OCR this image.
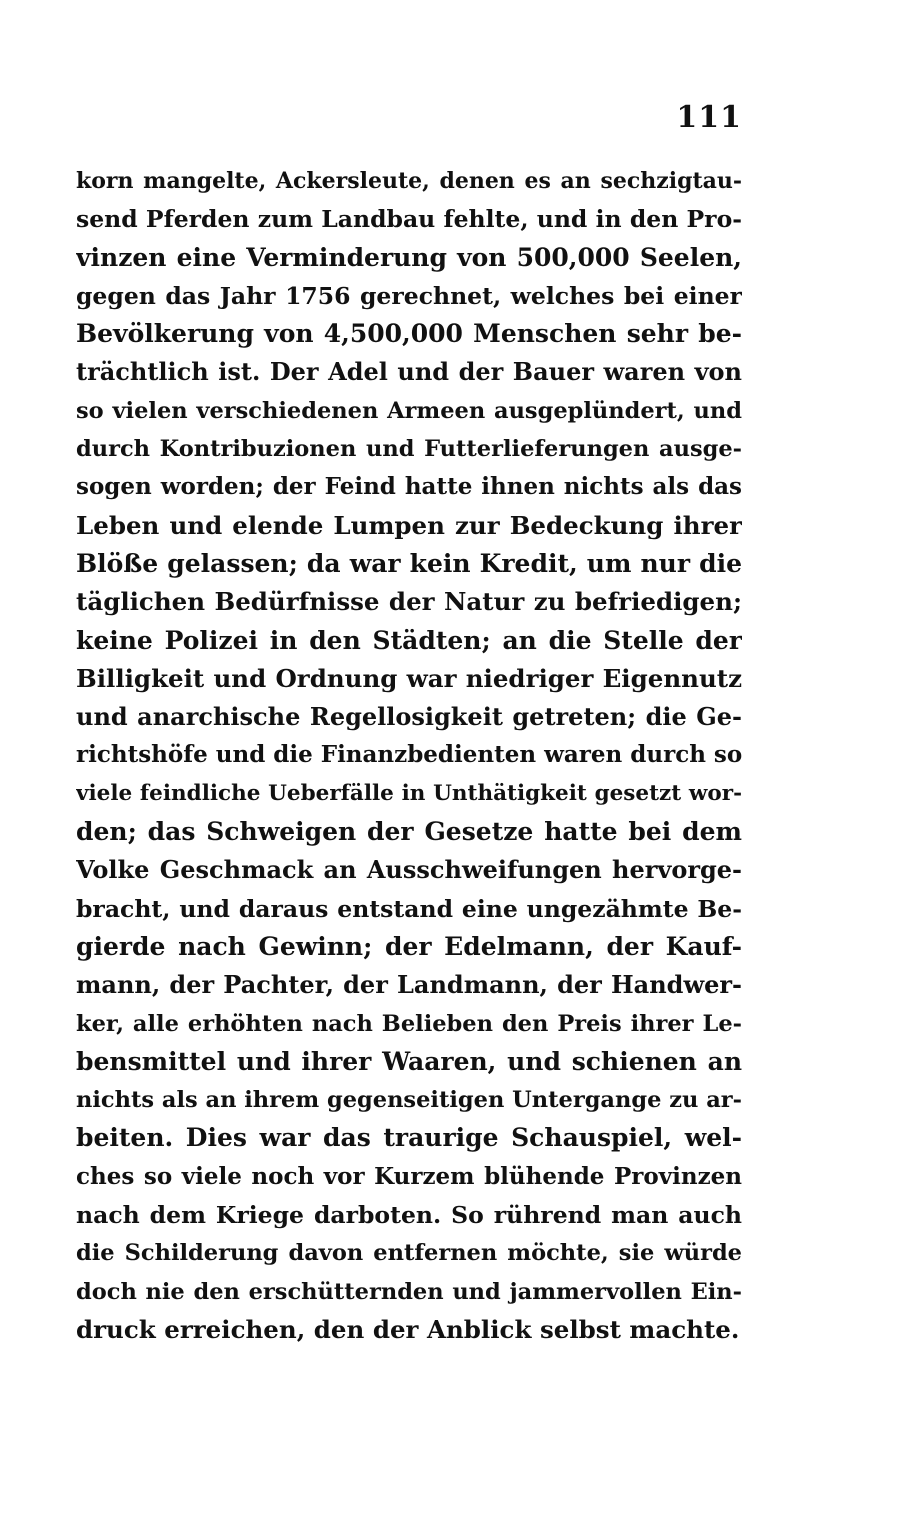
111
korn mangelte, Ackersleute, denen es an sechzigtau-
send Pferden zum Landbau fehlte, und in den Pro-
vinzen eine Verminderung von 500,000 Seelen,
gegen das Jahr 1756 gerechnet, welches bei einer
Bevölkerung von 4,500,000 Menschen sehr be-
trächtlich ist. Der Adel und der Bauer waren von
so vielen verschiedenen Armeen ausgeplündert, und
durch Kontribuzionen und Futterlieferungen ausge-
sogen worden; der Feind hatte ihnen nichts als das
Leben und elende Lumpen zur Bedeckung ihrer
Blöße gelassen; da war kein Kredit, um nur die
täglichen Bedürfnisse der Natur zu befriedigen;
keine Polizei in den Städten; an die Stelle der
Billigkeit und Ordnung war niedriger Eigennutz
und anarchische Regellosigkeit getreten; die Ge-
richtshöfe und die Finanzbedienten waren durch so
viele feindliche Ueberfälle in Unthätigkeit gesetzt wor-
den; das Schweigen der Gesetze hatte bei dem
Volke Geschmack an Ausschweifungen hervorge-
bracht, und daraus entstand eine ungezähmte Be-
gierde nach Gewinn; der Edelmann, der Kauf-
mann, der Pachter, der Landmann, der Handwer-
ker, alle erhöhten nach Belieben den Preis ihrer Le-
bensmittel und ihrer Waaren, und schienen an
nichts als an ihrem gegenseitigen Untergange zu ar-
beiten. Dies war das traurige Schauspiel, wel-
ches so viele noch vor Kurzem blühende Provinzen
nach dem Kriege darboten. So rührend man auch
die Schilderung davon entfernen möchte, sie würde
doch nie den erschütternden und jammervollen Ein-
druck erreichen, den der Anblick selbst machte.
